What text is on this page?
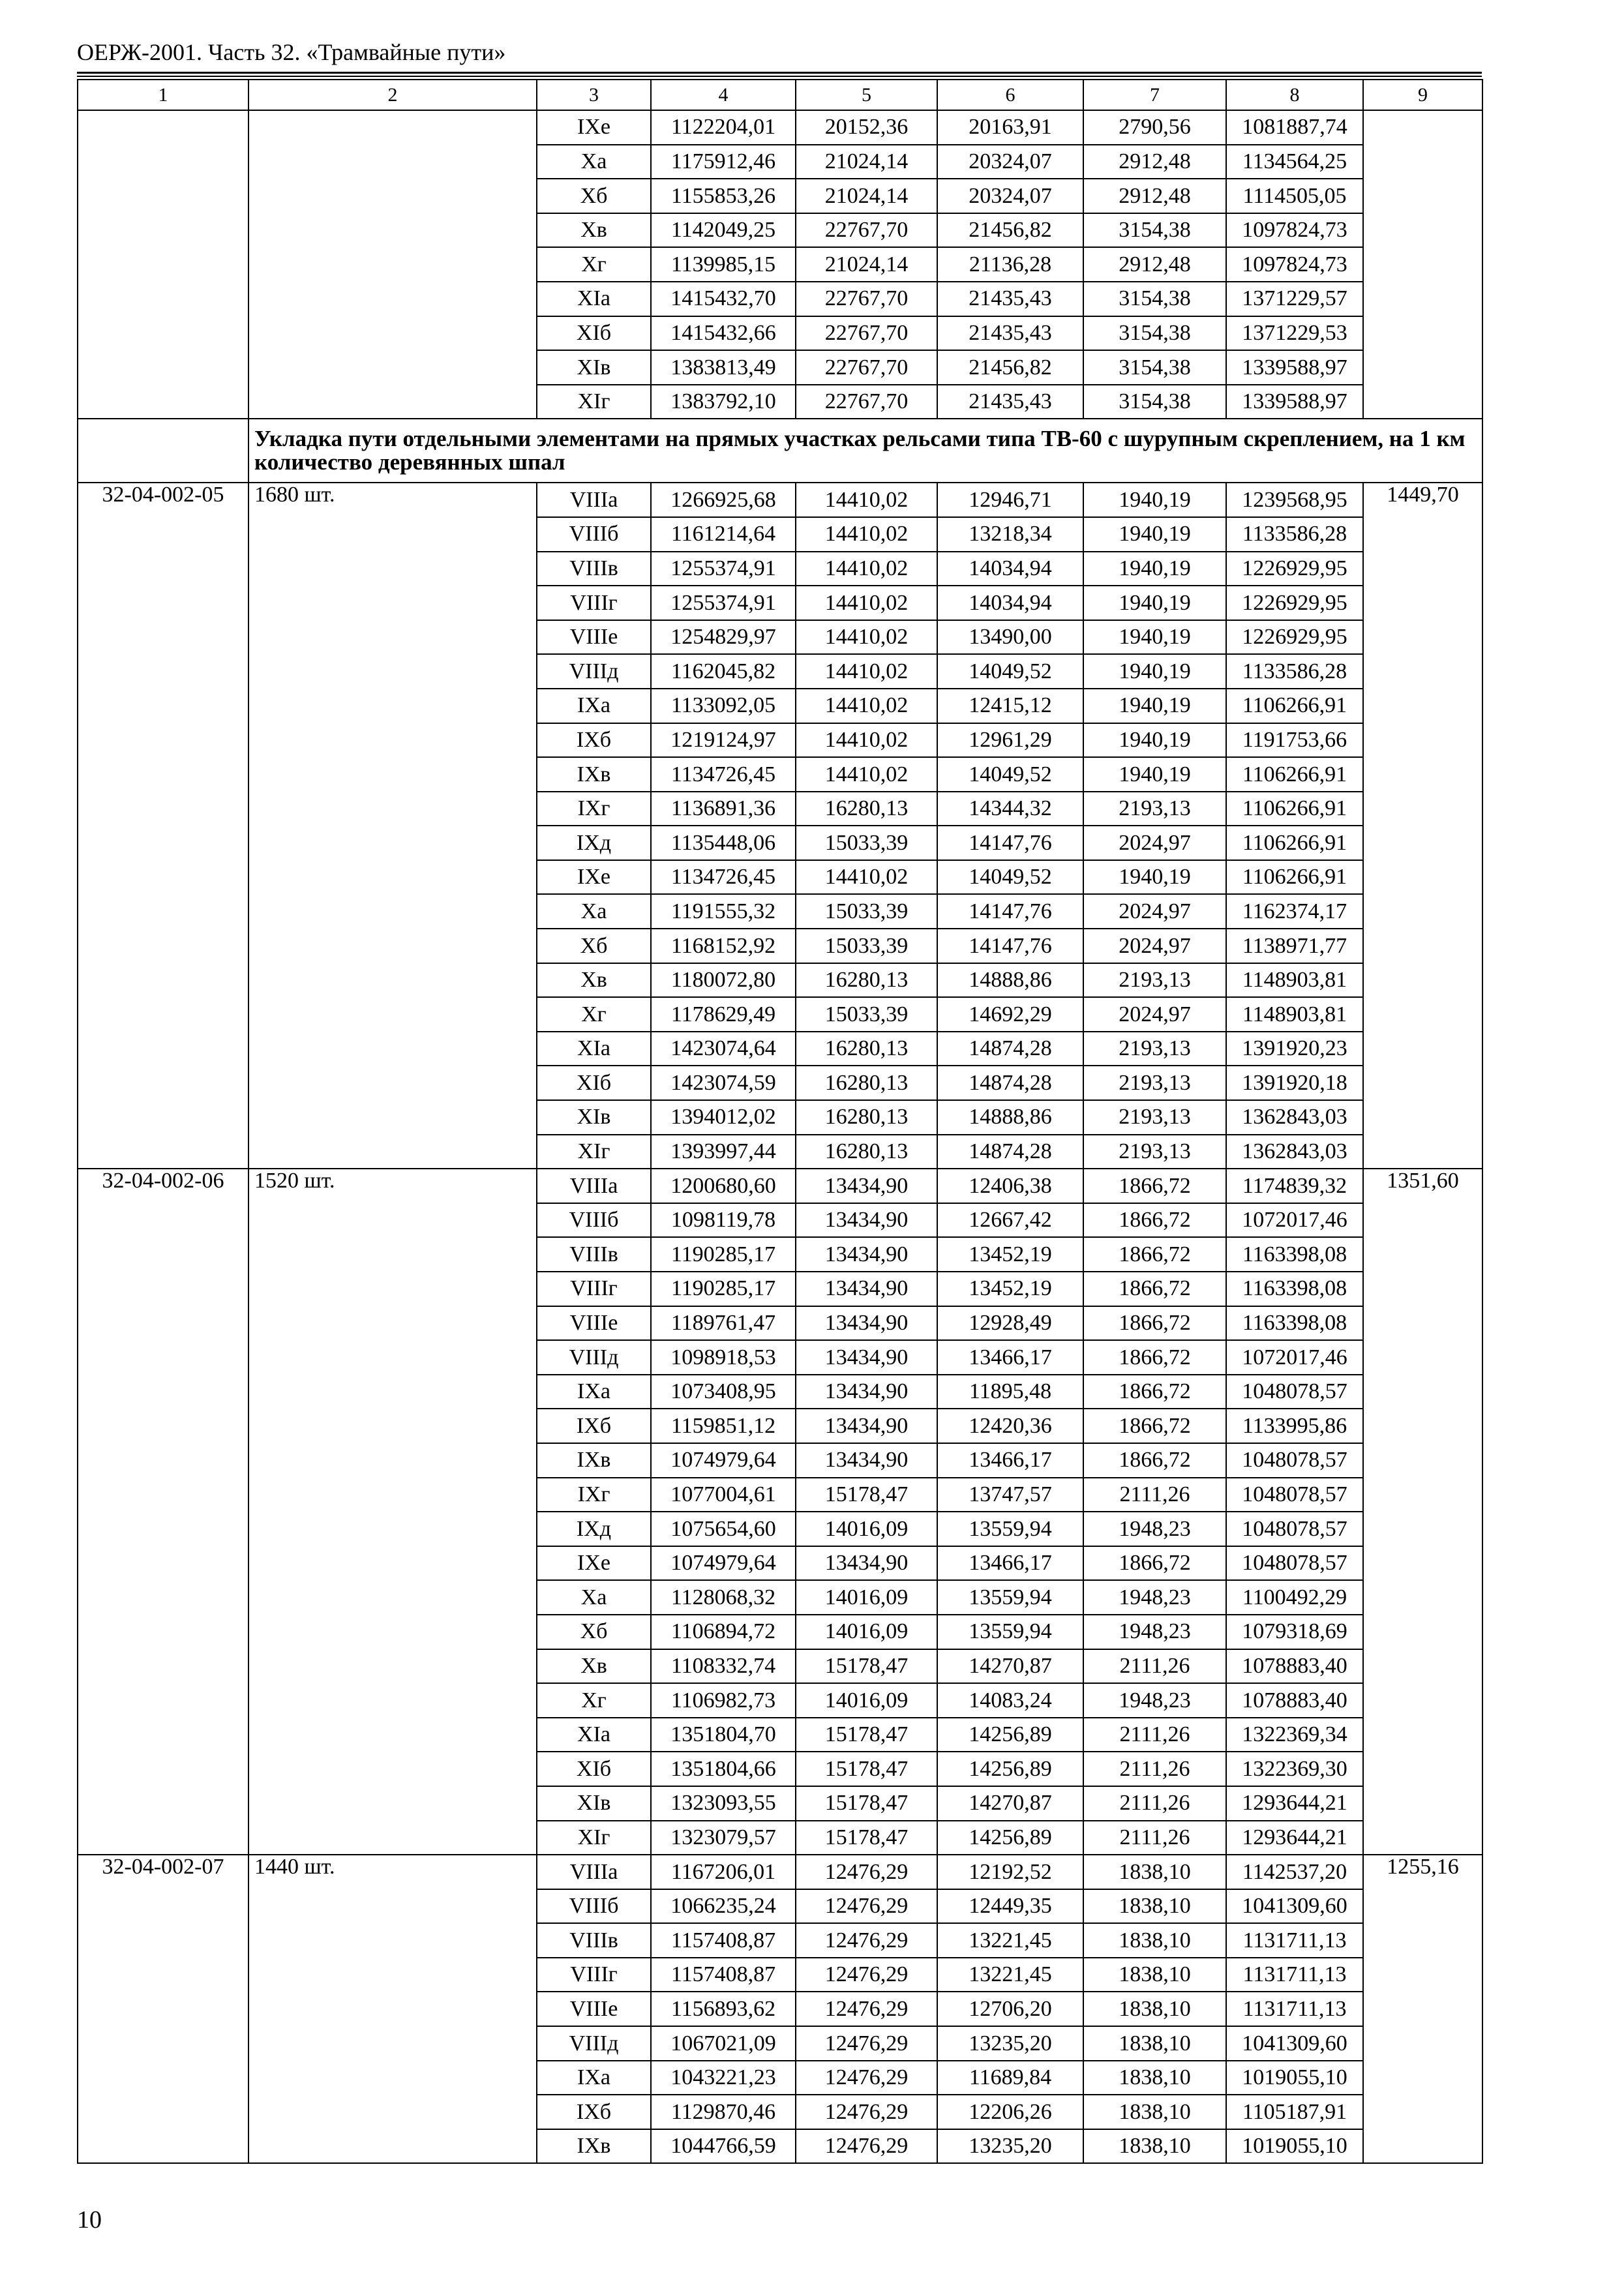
ОЕРЖ-2001. Часть 32. «Трамвайные пути»
1	2	3	4	5	6	7	8	9
		IXе	1122204,01	20152,36	20163,91	2790,56	1081887,74	
		Xа	1175912,46	21024,14	20324,07	2912,48	1134564,25	
		Xб	1155853,26	21024,14	20324,07	2912,48	1114505,05	
		Xв	1142049,25	22767,70	21456,82	3154,38	1097824,73	
		Xг	1139985,15	21024,14	21136,28	2912,48	1097824,73	
		XIа	1415432,70	22767,70	21435,43	3154,38	1371229,57	
		XIб	1415432,66	22767,70	21435,43	3154,38	1371229,53	
		XIв	1383813,49	22767,70	21456,82	3154,38	1339588,97	
		XIг	1383792,10	22767,70	21435,43	3154,38	1339588,97	
	Укладка пути отдельными элементами на прямых участках рельсами типа ТВ-60 с шурупным скреплением, на 1 км количество деревянных шпал							
32-04-002-05	1680 шт.	VIIIа	1266925,68	14410,02	12946,71	1940,19	1239568,95	1449,70
		VIIIб	1161214,64	14410,02	13218,34	1940,19	1133586,28	
		VIIIв	1255374,91	14410,02	14034,94	1940,19	1226929,95	
		VIIIг	1255374,91	14410,02	14034,94	1940,19	1226929,95	
		VIIIе	1254829,97	14410,02	13490,00	1940,19	1226929,95	
		VIIIд	1162045,82	14410,02	14049,52	1940,19	1133586,28	
		IXа	1133092,05	14410,02	12415,12	1940,19	1106266,91	
		IXб	1219124,97	14410,02	12961,29	1940,19	1191753,66	
		IXв	1134726,45	14410,02	14049,52	1940,19	1106266,91	
		IXг	1136891,36	16280,13	14344,32	2193,13	1106266,91	
		IXд	1135448,06	15033,39	14147,76	2024,97	1106266,91	
		IXе	1134726,45	14410,02	14049,52	1940,19	1106266,91	
		Xа	1191555,32	15033,39	14147,76	2024,97	1162374,17	
		Xб	1168152,92	15033,39	14147,76	2024,97	1138971,77	
		Xв	1180072,80	16280,13	14888,86	2193,13	1148903,81	
		Xг	1178629,49	15033,39	14692,29	2024,97	1148903,81	
		XIа	1423074,64	16280,13	14874,28	2193,13	1391920,23	
		XIб	1423074,59	16280,13	14874,28	2193,13	1391920,18	
		XIв	1394012,02	16280,13	14888,86	2193,13	1362843,03	
		XIг	1393997,44	16280,13	14874,28	2193,13	1362843,03	
32-04-002-06	1520 шт.	VIIIа	1200680,60	13434,90	12406,38	1866,72	1174839,32	1351,60
		VIIIб	1098119,78	13434,90	12667,42	1866,72	1072017,46	
		VIIIв	1190285,17	13434,90	13452,19	1866,72	1163398,08	
		VIIIг	1190285,17	13434,90	13452,19	1866,72	1163398,08	
		VIIIе	1189761,47	13434,90	12928,49	1866,72	1163398,08	
		VIIIд	1098918,53	13434,90	13466,17	1866,72	1072017,46	
		IXа	1073408,95	13434,90	11895,48	1866,72	1048078,57	
		IXб	1159851,12	13434,90	12420,36	1866,72	1133995,86	
		IXв	1074979,64	13434,90	13466,17	1866,72	1048078,57	
		IXг	1077004,61	15178,47	13747,57	2111,26	1048078,57	
		IXд	1075654,60	14016,09	13559,94	1948,23	1048078,57	
		IXе	1074979,64	13434,90	13466,17	1866,72	1048078,57	
		Xа	1128068,32	14016,09	13559,94	1948,23	1100492,29	
		Xб	1106894,72	14016,09	13559,94	1948,23	1079318,69	
		Xв	1108332,74	15178,47	14270,87	2111,26	1078883,40	
		Xг	1106982,73	14016,09	14083,24	1948,23	1078883,40	
		XIа	1351804,70	15178,47	14256,89	2111,26	1322369,34	
		XIб	1351804,66	15178,47	14256,89	2111,26	1322369,30	
		XIв	1323093,55	15178,47	14270,87	2111,26	1293644,21	
		XIг	1323079,57	15178,47	14256,89	2111,26	1293644,21	
32-04-002-07	1440 шт.	VIIIа	1167206,01	12476,29	12192,52	1838,10	1142537,20	1255,16
		VIIIб	1066235,24	12476,29	12449,35	1838,10	1041309,60	
		VIIIв	1157408,87	12476,29	13221,45	1838,10	1131711,13	
		VIIIг	1157408,87	12476,29	13221,45	1838,10	1131711,13	
		VIIIе	1156893,62	12476,29	12706,20	1838,10	1131711,13	
		VIIIд	1067021,09	12476,29	13235,20	1838,10	1041309,60	
		IXа	1043221,23	12476,29	11689,84	1838,10	1019055,10	
		IXб	1129870,46	12476,29	12206,26	1838,10	1105187,91	
		IXв	1044766,59	12476,29	13235,20	1838,10	1019055,10	
10
